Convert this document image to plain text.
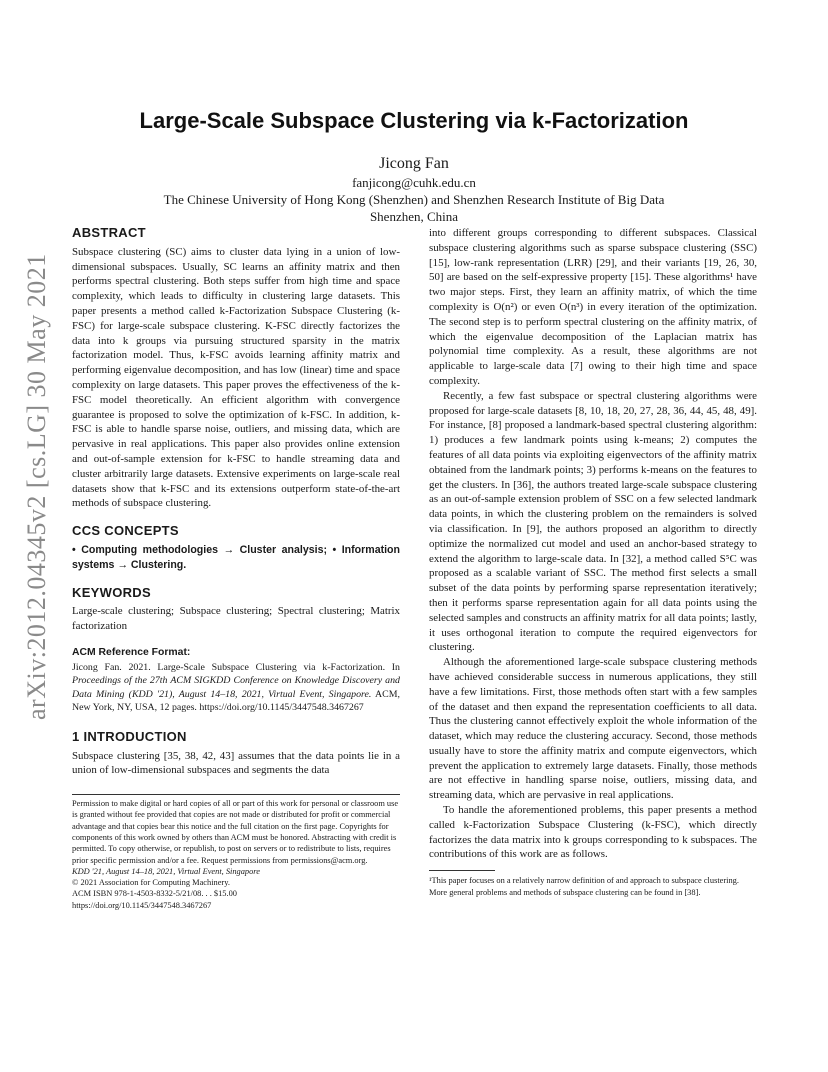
arXiv:2012.04345v2 [cs.LG] 30 May 2021
Large-Scale Subspace Clustering via k-Factorization

Jicong Fan

fanjicong@cuhk.edu.cn

The Chinese University of Hong Kong (Shenzhen) and Shenzhen Research Institute of Big Data

Shenzhen, China

ABSTRACT

Subspace clustering (SC) aims to cluster data lying in a union of low-dimensional subspaces. Usually, SC learns an affinity matrix and then performs spectral clustering. Both steps suffer from high time and space complexity, which leads to difficulty in clustering large datasets. This paper presents a method called k-Factorization Subspace Clustering (k-FSC) for large-scale subspace clustering. K-FSC directly factorizes the data into k groups via pursuing structured sparsity in the matrix factorization model. Thus, k-FSC avoids learning affinity matrix and performing eigenvalue decomposition, and has low (linear) time and space complexity on large datasets. This paper proves the effectiveness of the k-FSC model theoretically. An efficient algorithm with convergence guarantee is proposed to solve the optimization of k-FSC. In addition, k-FSC is able to handle sparse noise, outliers, and missing data, which are pervasive in real applications. This paper also provides online extension and out-of-sample extension for k-FSC to handle streaming data and cluster arbitrarily large datasets. Extensive experiments on large-scale real datasets show that k-FSC and its extensions outperform state-of-the-art methods of subspace clustering.

CCS CONCEPTS

• Computing methodologies → Cluster analysis; • Information systems → Clustering.

KEYWORDS

Large-scale clustering; Subspace clustering; Spectral clustering; Matrix factorization

ACM Reference Format:

Jicong Fan. 2021. Large-Scale Subspace Clustering via k-Factorization. In Proceedings of the 27th ACM SIGKDD Conference on Knowledge Discovery and Data Mining (KDD '21), August 14–18, 2021, Virtual Event, Singapore. ACM, New York, NY, USA, 12 pages. https://doi.org/10.1145/3447548.3467267

1 INTRODUCTION

Subspace clustering [35, 38, 42, 43] assumes that the data points lie in a union of low-dimensional subspaces and segments the data

Permission to make digital or hard copies of all or part of this work for personal or classroom use is granted without fee provided that copies are not made or distributed for profit or commercial advantage and that copies bear this notice and the full citation on the first page. Copyrights for components of this work owned by others than ACM must be honored. Abstracting with credit is permitted. To copy otherwise, or republish, to post on servers or to redistribute to lists, requires prior specific permission and/or a fee. Request permissions from permissions@acm.org.

KDD '21, August 14–18, 2021, Virtual Event, Singapore

© 2021 Association for Computing Machinery.

ACM ISBN 978-1-4503-8332-5/21/08. . . $15.00

https://doi.org/10.1145/3447548.3467267

into different groups corresponding to different subspaces. Classical subspace clustering algorithms such as sparse subspace clustering (SSC) [15], low-rank representation (LRR) [29], and their variants [19, 26, 30, 50] are based on the self-expressive property [15]. These algorithms¹ have two major steps. First, they learn an affinity matrix, of which the time complexity is O(n²) or even O(n³) in every iteration of the optimization. The second step is to perform spectral clustering on the affinity matrix, of which the eigenvalue decomposition of the Laplacian matrix has polynomial time complexity. As a result, these algorithms are not applicable to large-scale data [7] owing to their high time and space complexity.

Recently, a few fast subspace or spectral clustering algorithms were proposed for large-scale datasets [8, 10, 18, 20, 27, 28, 36, 44, 45, 48, 49]. For instance, [8] proposed a landmark-based spectral clustering algorithm: 1) produces a few landmark points using k-means; 2) computes the features of all data points via exploiting eigenvectors of the affinity matrix obtained from the landmark points; 3) performs k-means on the features to get the clusters. In [36], the authors treated large-scale subspace clustering as an out-of-sample extension problem of SSC on a few selected landmark data points, in which the clustering problem on the remainders is solved via classification. In [9], the authors proposed an algorithm to directly optimize the normalized cut model and used an anchor-based strategy to extend the algorithm to large-scale data. In [32], a method called S⁵C was proposed as a scalable variant of SSC. The method first selects a small subset of the data points by performing sparse representation iteratively; then it performs sparse representation again for all data points using the selected samples and constructs an affinity matrix for all data points; lastly, it uses orthogonal iteration to compute the required eigenvectors for clustering.

Although the aforementioned large-scale subspace clustering methods have achieved considerable success in numerous applications, they still have a few limitations. First, those methods often start with a few samples of the dataset and then expand the representation coefficients to all data. Thus the clustering cannot effectively exploit the whole information of the dataset, which may reduce the clustering accuracy. Second, those methods usually have to store the affinity matrix and compute eigenvectors, which prevent the application to extremely large datasets. Finally, those methods are not effective in handling sparse noise, outliers, missing data, and streaming data, which are pervasive in real applications.

To handle the aforementioned problems, this paper presents a method called k-Factorization Subspace Clustering (k-FSC), which directly factorizes the data matrix into k groups corresponding to k subspaces. The contributions of this work are as follows.

¹This paper focuses on a relatively narrow definition of and approach to subspace clustering. More general problems and methods of subspace clustering can be found in [38].
